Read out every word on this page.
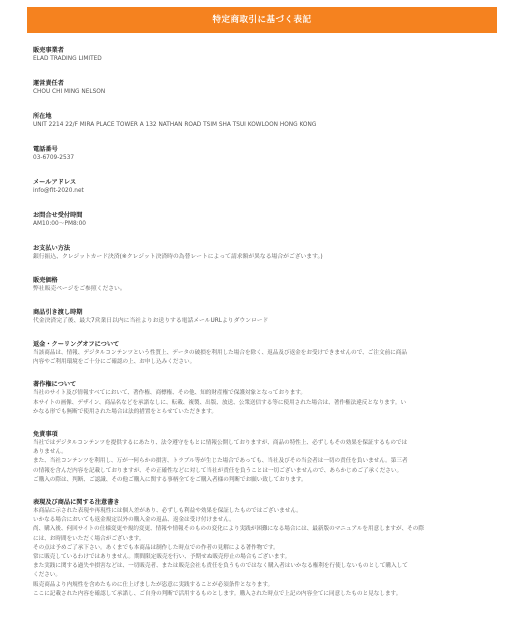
特定商取引に基づく表記
販売事業者
ELAD TRADING LIMITED
運営責任者
CHOU CHI MING NELSON
所在地
UNIT 2214 22/F MIRA PLACE TOWER A 132 NATHAN ROAD TSIM SHA TSUI KOWLOON HONG KONG
電話番号
03-6709-2537
メールアドレス
info@flt-2020.net
お問合せ受付時間
AM10:00〜PM8:00
お支払い方法
銀行振込、クレジットカード決済(※クレジット決済時の為替レートによって請求額が異なる場合がございます。)
販売価格
弊社販売ページをご参照ください。
商品引き渡し時期
代金決済完了後、最大7営業日以内に当社よりお送りする電話メールURLよりダウンロード
返金・クーリングオフについて

当該商品は、情報、デジタルコンテンツという性質上、データの破損を利用した場合を除く、返品及び返金をお受けできませんので、ご注文前に商品

内容やご利用環境をご十分にご確認の上、お申し込みください。

著作権について

当社のサイト及び情報すべてにおいて、著作権、商標権、その他、知的財産権で保護対象となっております。

本サイトの画像、デザイン、商品名などを承諾なしに、転載、複製、出版、放送、公衆送信する等に使用された場合は、著作権法違反となります。い

かなる形でも無断で使用された場合は法的措置をとらせていただきます。

免責事項

当社ではデジタルコンテンツを提供するにあたり、法令遵守をもとに情報公開しておりますが、商品の特性上、必ずしもその効果を保証するものでは

ありません。

また、当社コンテンツを利用し、万が一何らかの損害、トラブル等が生じた場合であっても、当社及びその当会者は一切の責任を負いません。第三者

の情報を含んだ内容を記載しておりますが、その正確性などに対して当社が責任を負うことは一切ございませんので、あらかじめご了承ください。

ご購入の際は、判断、ご認識、その他ご購入に関する事柄全てをご購入者様の判断でお願い致しております。

表現及び商品に関する注意書き

本商品に示された表現や再現性には個人差があり、必ずしも利益や効果を保証したものではございません。

いかなる場合においても返金規定以外の購入金の返品、返金は受け付けません。

尚、購入後、何回サイトの仕様変更や規約変更、情報や情報そのものの変化により実践が困難になる場合には、最新版のマニュアルを用意しますが、その際

には、お時間をいただく場合がございます。

その点は予めご了承下さい。あくまでも本商品は制作した時点での作者の見解による著作物です。

常に販売しているわけではありません。期間限定販売を行い、予期せぬ販売停止の場合もございます。

また実践に関する過失や損害などは、一切販売者、または販売会社も責任を負うものではなく購入者はいかなる権利を行使しないものとして購入して

ください。

販売商品より内規性を含めたものに仕上げましたが恣意に実践することが必須条件となります。

ここに記載された内容を確認して承諾し、ご自身の判断で活用するものとします。購入された時点で上記の内容全てに同意したものと見なします。
